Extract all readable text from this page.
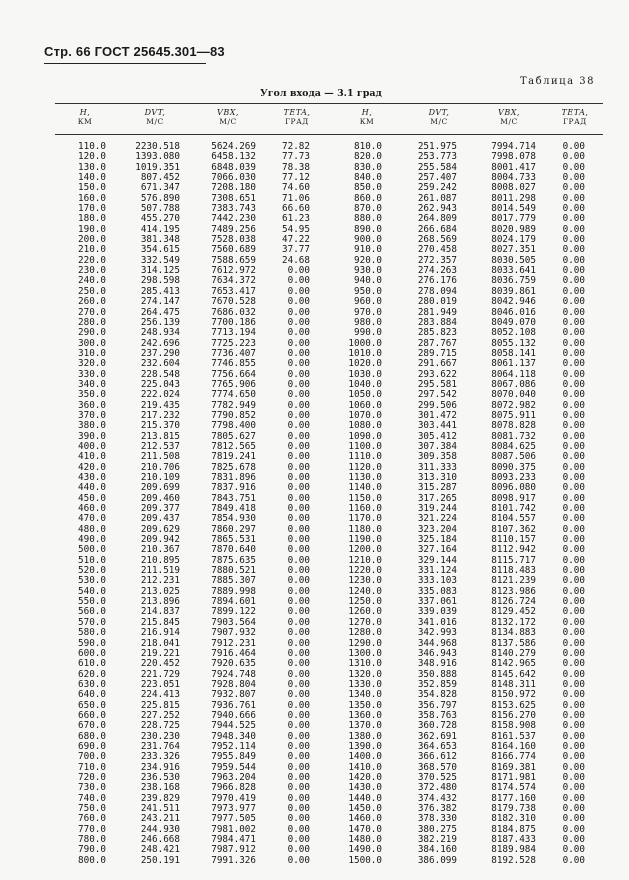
Стр. 66 ГОСТ 25645.301—83
Таблица 38
Угол входа — 3.1 град
H,
КМ
DVT,
М/С
VBX,
М/С
TETA,
ГРАД
H,
КМ
DVT,
М/С
VBX,
М/С
TETA,
ГРАД
110.0
120.0
130.0
140.0
150.0
160.0
170.0
180.0
190.0
200.0
210.0
220.0
230.0
240.0
250.0
260.0
270.0
280.0
290.0
300.0
310.0
320.0
330.0
340.0
350.0
360.0
370.0
380.0
390.0
400.0
410.0
420.0
430.0
440.0
450.0
460.0
470.0
480.0
490.0
500.0
510.0
520.0
530.0
540.0
550.0
560.0
570.0
580.0
590.0
600.0
610.0
620.0
630.0
640.0
650.0
660.0
670.0
680.0
690.0
700.0
710.0
720.0
730.0
740.0
750.0
760.0
770.0
780.0
790.0
800.0
2230.518
1393.080
1019.351
807.452
671.347
576.890
507.788
455.270
414.195
381.348
354.615
332.549
314.125
298.598
285.413
274.147
264.475
256.139
248.934
242.696
237.290
232.604
228.548
225.043
222.024
219.435
217.232
215.370
213.815
212.537
211.508
210.706
210.109
209.699
209.460
209.377
209.437
209.629
209.942
210.367
210.895
211.519
212.231
213.025
213.896
214.837
215.845
216.914
218.041
219.221
220.452
221.729
223.051
224.413
225.815
227.252
228.725
230.230
231.764
233.326
234.916
236.530
238.168
239.829
241.511
243.211
244.930
246.668
248.421
250.191
5624.269
6458.132
6848.039
7066.030
7208.180
7308.651
7383.743
7442.230
7489.256
7528.038
7560.689
7588.659
7612.972
7634.372
7653.417
7670.528
7686.032
7700.186
7713.194
7725.223
7736.407
7746.855
7756.664
7765.906
7774.650
7782.949
7790.852
7798.400
7805.627
7812.565
7819.241
7825.678
7831.896
7837.916
7843.751
7849.418
7854.930
7860.297
7865.531
7870.640
7875.635
7880.521
7885.307
7889.998
7894.601
7899.122
7903.564
7907.932
7912.231
7916.464
7920.635
7924.748
7928.804
7932.807
7936.761
7940.666
7944.525
7948.340
7952.114
7955.849
7959.544
7963.204
7966.828
7970.419
7973.977
7977.505
7981.002
7984.471
7987.912
7991.326
72.82
77.73
78.38
77.12
74.60
71.06
66.60
61.23
54.95
47.22
37.77
24.68
0.00
0.00
0.00
0.00
0.00
0.00
0.00
0.00
0.00
0.00
0.00
0.00
0.00
0.00
0.00
0.00
0.00
0.00
0.00
0.00
0.00
0.00
0.00
0.00
0.00
0.00
0.00
0.00
0.00
0.00
0.00
0.00
0.00
0.00
0.00
0.00
0.00
0.00
0.00
0.00
0.00
0.00
0.00
0.00
0.00
0.00
0.00
0.00
0.00
0.00
0.00
0.00
0.00
0.00
0.00
0.00
0.00
0.00
810.0
820.0
830.0
840.0
850.0
860.0
870.0
880.0
890.0
900.0
910.0
920.0
930.0
940.0
950.0
960.0
970.0
980.0
990.0
1000.0
1010.0
1020.0
1030.0
1040.0
1050.0
1060.0
1070.0
1080.0
1090.0
1100.0
1110.0
1120.0
1130.0
1140.0
1150.0
1160.0
1170.0
1180.0
1190.0
1200.0
1210.0
1220.0
1230.0
1240.0
1250.0
1260.0
1270.0
1280.0
1290.0
1300.0
1310.0
1320.0
1330.0
1340.0
1350.0
1360.0
1370.0
1380.0
1390.0
1400.0
1410.0
1420.0
1430.0
1440.0
1450.0
1460.0
1470.0
1480.0
1490.0
1500.0
251.975
253.773
255.584
257.407
259.242
261.087
262.943
264.809
266.684
268.569
270.458
272.357
274.263
276.176
278.094
280.019
281.949
283.884
285.823
287.767
289.715
291.667
293.622
295.581
297.542
299.506
301.472
303.441
305.412
307.384
309.358
311.333
313.310
315.287
317.265
319.244
321.224
323.204
325.184
327.164
329.144
331.124
333.103
335.083
337.061
339.039
341.016
342.993
344.968
346.943
348.916
350.888
352.859
354.828
356.797
358.763
360.728
362.691
364.653
366.612
368.570
370.525
372.480
374.432
376.382
378.330
380.275
382.219
384.160
386.099
7994.714
7998.078
8001.417
8004.733
8008.027
8011.298
8014.549
8017.779
8020.989
8024.179
8027.351
8030.505
8033.641
8036.759
8039.861
8042.946
8046.016
8049.070
8052.108
8055.132
8058.141
8061.137
8064.118
8067.086
8070.040
8072.982
8075.911
8078.828
8081.732
8084.625
8087.506
8090.375
8093.233
8096.080
8098.917
8101.742
8104.557
8107.362
8110.157
8112.942
8115.717
8118.483
8121.239
8123.986
8126.724
8129.452
8132.172
8134.883
8137.586
8140.279
8142.965
8145.642
8148.311
8150.972
8153.625
8156.270
8158.908
8161.537
8164.160
8166.774
8169.381
8171.981
8174.574
8177.160
8179.738
8182.310
8184.875
8187.433
8189.984
8192.528
0.00
0.00
0.00
0.00
0.00
0.00
0.00
0.00
0.00
0.00
0.00
0.00
0.00
0.00
0.00
0.00
0.00
0.00
0.00
0.00
0.00
0.00
0.00
0.00
0.00
0.00
0.00
0.00
0.00
0.00
0.00
0.00
0.00
0.00
0.00
0.00
0.00
0.00
0.00
0.00
0.00
0.00
0.00
0.00
0.00
0.00
0.00
0.00
0.00
0.00
0.00
0.00
0.00
0.00
0.00
0.00
0.00
0.00
0.00
0.00
0.00
0.00
0.00
0.00
0.00
0.00
0.00
0.00
0.00
0.00
